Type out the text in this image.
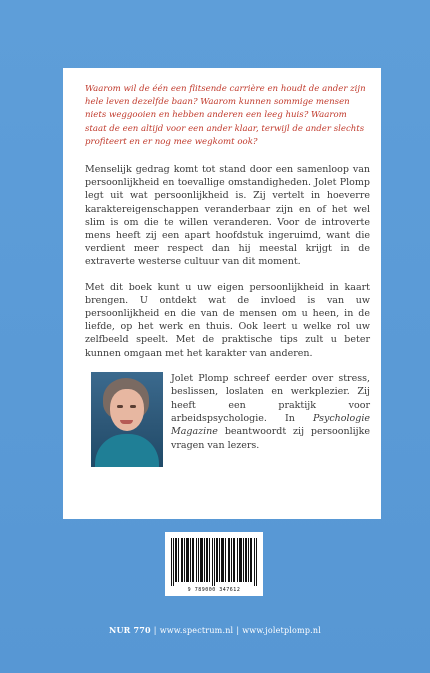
Waarom wil de één een flitsende carrière en houdt de ander zijn hele leven dezelfde baan? Waarom kunnen sommige mensen niets weggooien en hebben anderen een leeg huis? Waarom staat de een altijd voor een ander klaar, terwijl de ander slechts profiteert en er nog mee wegkomt ook?

Menselijk gedrag komt tot stand door een samenloop van persoonlijkheid en toevallige omstandigheden. Jolet Plomp legt uit wat persoonlijkheid is. Zij vertelt in hoeverre karaktereigenschappen veranderbaar zijn en of het wel slim is om die te willen veranderen. Voor de introverte mens heeft zij een apart hoofdstuk ingeruimd, want die verdient meer respect dan hij meestal krijgt in de extraverte westerse cultuur van dit moment.

Met dit boek kunt u uw eigen persoonlijkheid in kaart brengen. U ontdekt wat de invloed is van uw persoonlijkheid en die van de mensen om u heen, in de liefde, op het werk en thuis. Ook leert u welke rol uw zelfbeeld speelt. Met de praktische tips zult u beter kunnen omgaan met het karakter van anderen.

Jolet Plomp schreef eerder over stress, beslissen, loslaten en werkplezier. Zij heeft een praktijk voor arbeidspsychologie. In Psychologie Magazine beantwoordt zij persoonlijke vragen van lezers.
9 789000 347612
NUR 770 | www.spectrum.nl | www.joletplomp.nl
